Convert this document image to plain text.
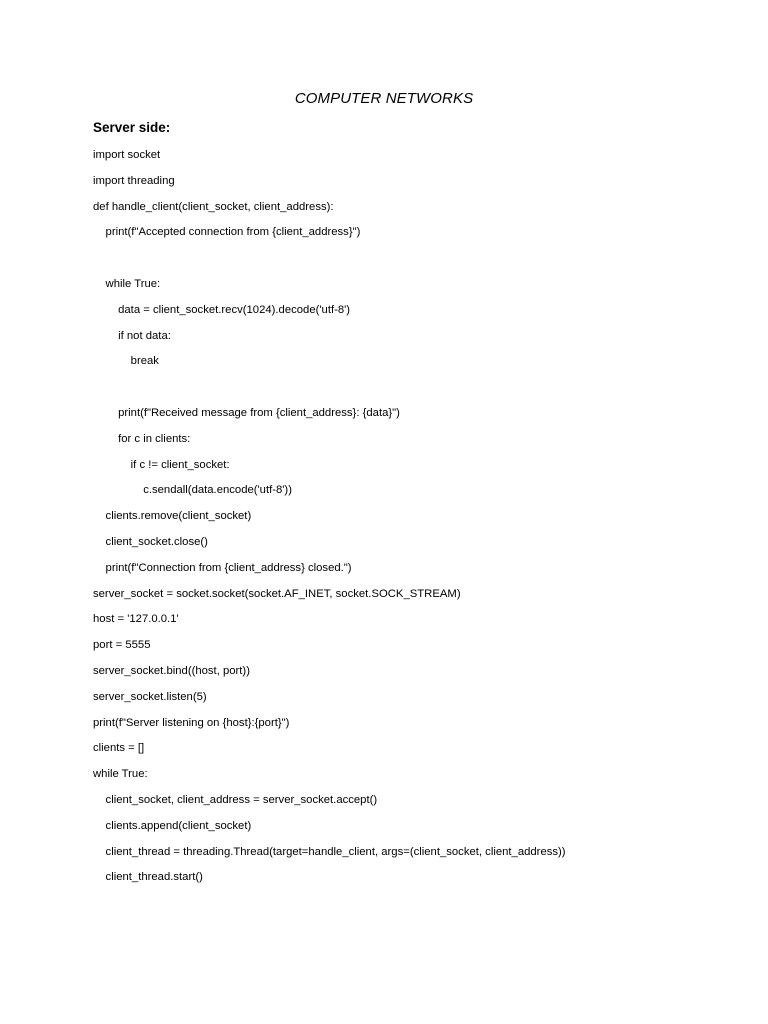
COMPUTER NETWORKS
Server side:
import socket
import threading
def handle_client(client_socket, client_address):
print(f"Accepted connection from {client_address}")
while True:
data = client_socket.recv(1024).decode('utf-8')
if not data:
break
print(f"Received message from {client_address}: {data}")
for c in clients:
if c != client_socket:
c.sendall(data.encode('utf-8'))
clients.remove(client_socket)
client_socket.close()
print(f"Connection from {client_address} closed.")
server_socket = socket.socket(socket.AF_INET, socket.SOCK_STREAM)
host = '127.0.0.1'
port = 5555
server_socket.bind((host, port))
server_socket.listen(5)
print(f"Server listening on {host}:{port}")
clients = []
while True:
client_socket, client_address = server_socket.accept()
clients.append(client_socket)
client_thread = threading.Thread(target=handle_client, args=(client_socket, client_address))
client_thread.start()
